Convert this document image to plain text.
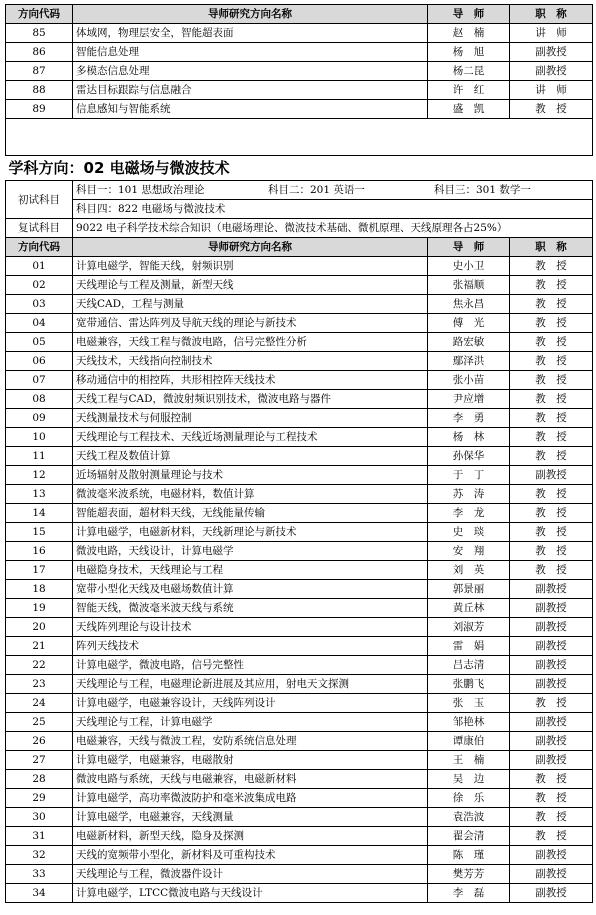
方向代码	导师研究方向名称	导　师	职　称
85	体域网，物理层安全，智能超表面	赵　楠	讲　师
86	智能信息处理	杨　旭	副教授
87	多模态信息处理	杨二昆	副教授
88	雷达目标跟踪与信息融合	许　红	讲　师
89	信息感知与智能系统	盛　凯	教　授

学科方向：02 电磁场与微波技术			
初试科目	科目一：101 思想政治理论 科目二：201 英语一 科目三：301 数学一		
	科目四：822 电磁场与微波技术		
复试科目	9022 电子科学技术综合知识（电磁场理论、微波技术基础、微机原理、天线原理各占25%）		
方向代码	导师研究方向名称	导　师	职　称
01	计算电磁学，智能天线，射频识别	史小卫	教　授
02	天线理论与工程及测量，新型天线	张福顺	教　授
03	天线CAD，工程与测量	焦永昌	教　授
04	宽带通信、雷达阵列及导航天线的理论与新技术	傅　光	教　授
05	电磁兼容，天线工程与微波电路，信号完整性分析	路宏敏	教　授
06	天线技术，天线指向控制技术	鄢泽洪	教　授
07	移动通信中的相控阵，共形相控阵天线技术	张小苗	教　授
08	天线工程与CAD，微波射频识别技术，微波电路与器件	尹应增	教　授
09	天线测量技术与伺服控制	李　勇	教　授
10	天线理论与工程技术、天线近场测量理论与工程技术	杨　林	教　授
11	天线工程及数值计算	孙保华	教　授
12	近场辐射及散射测量理论与技术	于　丁	副教授
13	微波毫米波系统，电磁材料，数值计算	苏　涛	教　授
14	智能超表面，超材料天线，无线能量传输	李　龙	教　授
15	计算电磁学，电磁新材料，天线新理论与新技术	史　琰	教　授
16	微波电路，天线设计，计算电磁学	安　翔	教　授
17	电磁隐身技术，天线理论与工程	刘　英	教　授
18	宽带小型化天线及电磁场数值计算	郭景丽	副教授
19	智能天线，微波毫米波天线与系统	黄丘林	副教授
20	天线阵列理论与设计技术	刘淑芳	副教授
21	阵列天线技术	雷　娟	副教授
22	计算电磁学，微波电路，信号完整性	吕志清	副教授
23	天线理论与工程，电磁理论新进展及其应用，射电天文探测	张鹏飞	副教授
24	计算电磁学，电磁兼容设计，天线阵列设计	张　玉	教　授
25	天线理论与工程，计算电磁学	邹艳林	副教授
26	电磁兼容，天线与微波工程，安防系统信息处理	谭康伯	副教授
27	计算电磁学，电磁兼容，电磁散射	王　楠	副教授
28	微波电路与系统，天线与电磁兼容，电磁新材料	吴　边	教　授
29	计算电磁学，高功率微波防护和毫米波集成电路	徐　乐	教　授
30	计算电磁学，电磁兼容，天线测量	袁浩波	教　授
31	电磁新材料，新型天线，隐身及探测	翟会清	教　授
32	天线的宽频带小型化，新材料及可重构技术	陈　瑾	副教授
33	天线理论与工程，微波器件设计	樊芳芳	副教授
34	计算电磁学，LTCC微波电路与天线设计	李　磊	副教授
